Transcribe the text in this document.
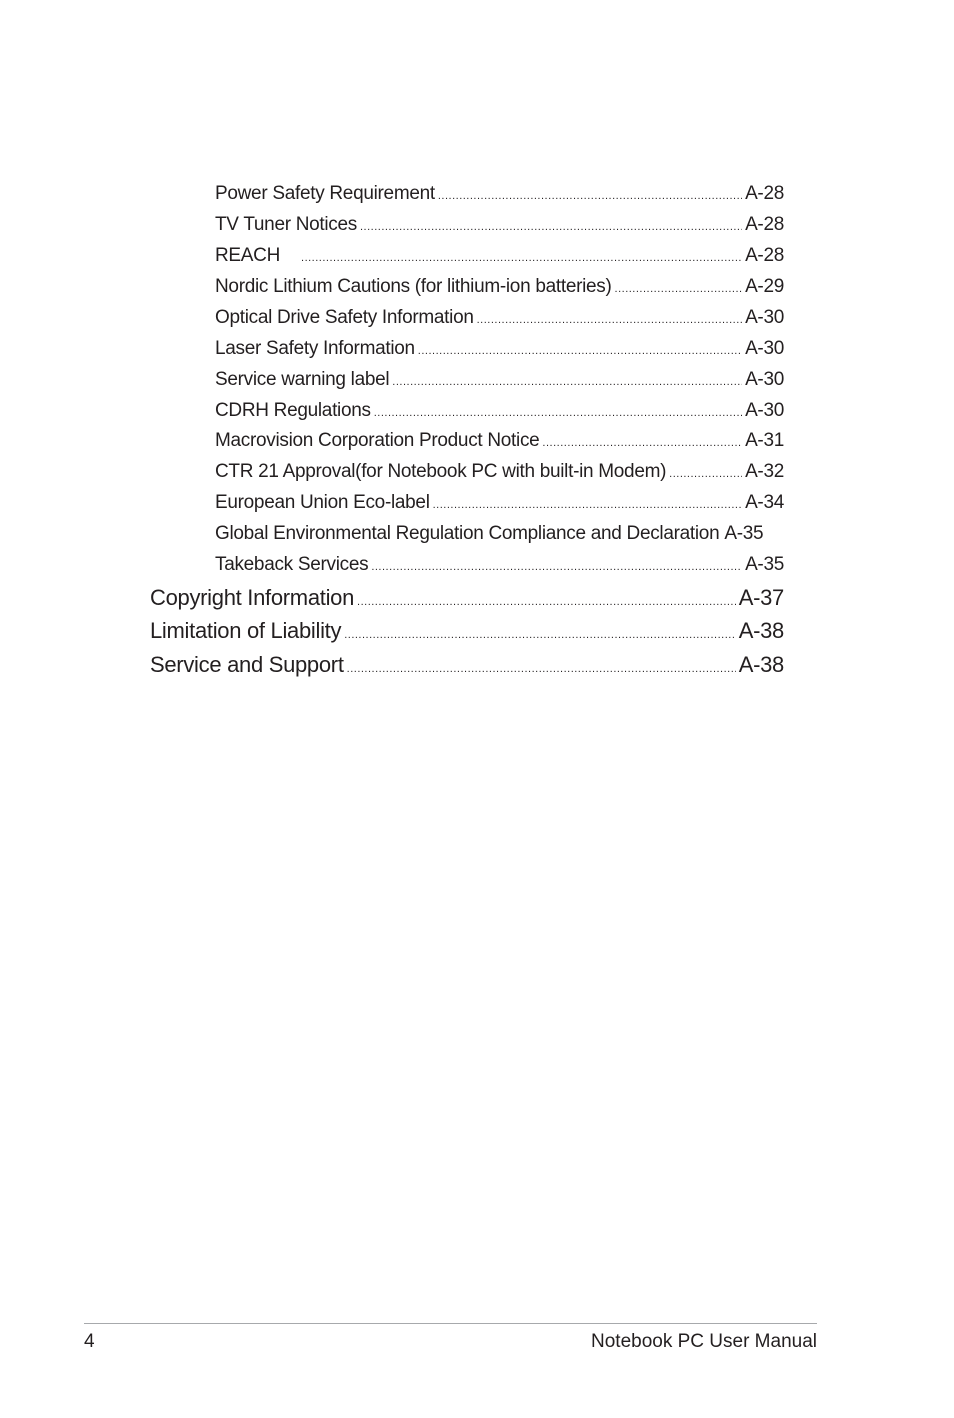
Power Safety Requirement .....	A-28
TV Tuner Notices .....	A-28
REACH .....	A-28
Nordic Lithium Cautions (for lithium-ion batteries) .....	A-29
Optical Drive Safety Information .....	A-30
Laser Safety Information .....	A-30
Service warning label .....	A-30
CDRH Regulations .....	A-30
Macrovision Corporation Product Notice .....	A-31
CTR 21 Approval(for Notebook PC with built-in Modem) .....	A-32
European Union Eco-label .....	A-34
Global Environmental Regulation Compliance and Declaration A-35
Takeback Services .....	A-35
Copyright Information .....	A-37
Limitation of Liability .....	A-38
Service and Support .....	A-38
4	Notebook PC User Manual
